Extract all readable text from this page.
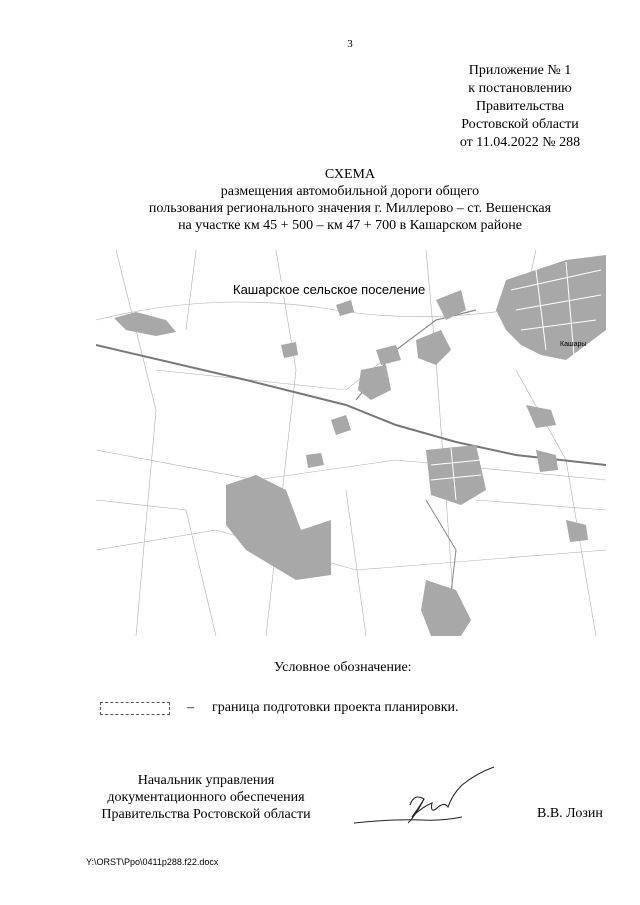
3
Приложение № 1
к постановлению
Правительства
Ростовской области
от 11.04.2022 № 288
СХЕМА
размещения автомобильной дороги общего
пользования регионального значения г. Миллерово – ст. Вешенская
на участке км 45 + 500 – км 47 + 700 в Кашарском районе
Кашарское сельское поселение
Кашары
Условное обозначение:
– граница подготовки проекта планировки.
Начальник управления
документационного обеспечения
Правительства Ростовской области	В.В. Лозин
Y:\ORST\Ppo\0411p288.f22.docx
